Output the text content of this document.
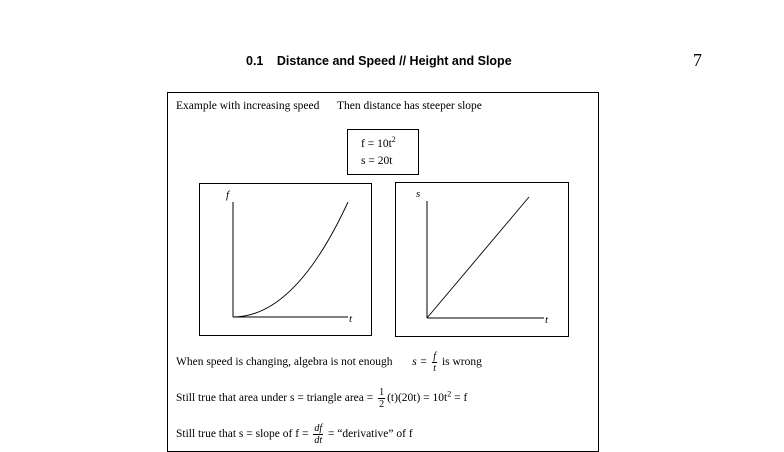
0.1 Distance and Speed // Height and Slope	7
Example with increasing speed Then distance has steeper slope
$f = 10t^2$
s = 20t
f
t
s
t
When speed is changing, algebra is not enough $s = \frac{f}{t}$ is wrong
Still true that area under s = triangle area = $\frac{1}{2} (t)(20t) = 10t^2 = f$
Still true that s = slope of $f = \frac{df}{dt}$ = “derivative” of f
